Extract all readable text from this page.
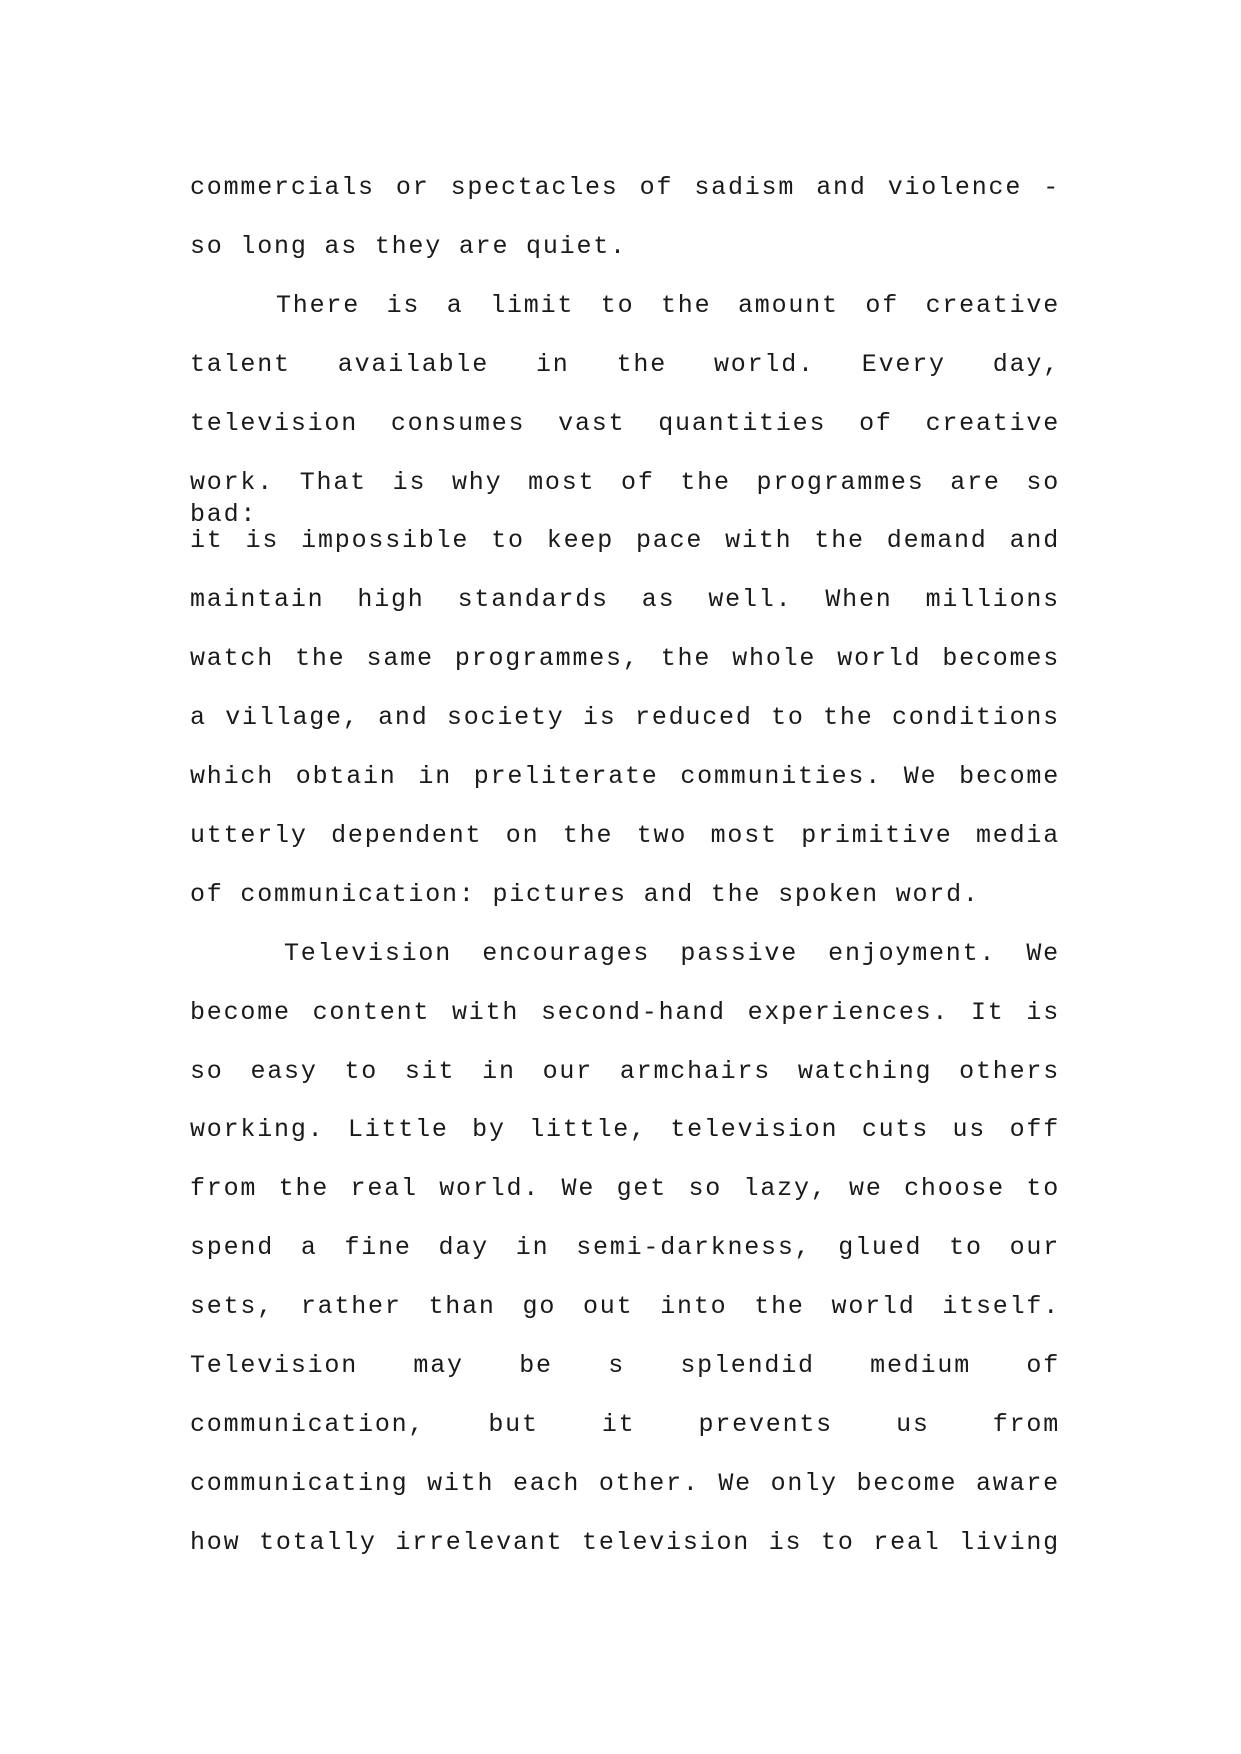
commercials or spectacles of sadism and violence -
so long as they are quiet.
There is a limit to the amount of creative
talent available in the world. Every day,
television consumes vast quantities of creative
work. That is why most of the programmes are so bad:
it is impossible to keep pace with the demand and
maintain high standards as well. When millions
watch the same programmes, the whole world becomes
a village, and society is reduced to the conditions
which obtain in preliterate communities. We become
utterly dependent on the two most primitive media
of communication: pictures and the spoken word.
Television encourages passive enjoyment. We
become content with second-hand experiences. It is
so easy to sit in our armchairs watching others
working. Little by little, television cuts us off
from the real world. We get so lazy, we choose to
spend a fine day in semi-darkness, glued to our
sets, rather than go out into the world itself.
Television may be s splendid medium of
communication, but it prevents us from
communicating with each other. We only become aware
how totally irrelevant television is to real living
